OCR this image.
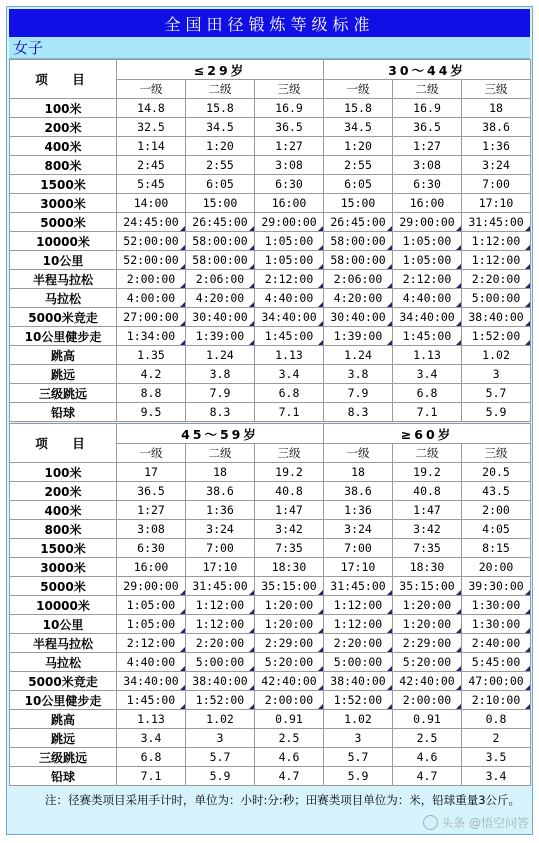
全国田径锻炼等级标准
女子
项　目	≤29岁			30～44岁		
	一级	二级	三级	一级	二级	三级
100米	14.8	15.8	16.9	15.8	16.9	18
200米	32.5	34.5	36.5	34.5	36.5	38.6
400米	1:14	1:20	1:27	1:20	1:27	1:36
800米	2:45	2:55	3:08	2:55	3:08	3:24
1500米	5:45	6:05	6:30	6:05	6:30	7:00
3000米	14:00	15:00	16:00	15:00	16:00	17:10
5000米	24:45:00	26:45:00	29:00:00	26:45:00	29:00:00	31:45:00
10000米	52:00:00	58:00:00	1:05:00	58:00:00	1:05:00	1:12:00
10公里	52:00:00	58:00:00	1:05:00	58:00:00	1:05:00	1:12:00
半程马拉松	2:00:00	2:06:00	2:12:00	2:06:00	2:12:00	2:20:00
马拉松	4:00:00	4:20:00	4:40:00	4:20:00	4:40:00	5:00:00
5000米竞走	27:00:00	30:40:00	34:40:00	30:40:00	34:40:00	38:40:00
10公里健步走	1:34:00	1:39:00	1:45:00	1:39:00	1:45:00	1:52:00
跳高	1.35	1.24	1.13	1.24	1.13	1.02
跳远	4.2	3.8	3.4	3.8	3.4	3
三级跳远	8.8	7.9	6.8	7.9	6.8	5.7
铅球	9.5	8.3	7.1	8.3	7.1	5.9
项　目	45～59岁			≥60岁		
	一级	二级	三级	一级	二级	三级
100米	17	18	19.2	18	19.2	20.5
200米	36.5	38.6	40.8	38.6	40.8	43.5
400米	1:27	1:36	1:47	1:36	1:47	2:00
800米	3:08	3:24	3:42	3:24	3:42	4:05
1500米	6:30	7:00	7:35	7:00	7:35	8:15
3000米	16:00	17:10	18:30	17:10	18:30	20:00
5000米	29:00:00	31:45:00	35:15:00	31:45:00	35:15:00	39:30:00
10000米	1:05:00	1:12:00	1:20:00	1:12:00	1:20:00	1:30:00
10公里	1:05:00	1:12:00	1:20:00	1:12:00	1:20:00	1:30:00
半程马拉松	2:12:00	2:20:00	2:29:00	2:20:00	2:29:00	2:40:00
马拉松	4:40:00	5:00:00	5:20:00	5:00:00	5:20:00	5:45:00
5000米竞走	34:40:00	38:40:00	42:40:00	38:40:00	42:40:00	47:00:00
10公里健步走	1:45:00	1:52:00	2:00:00	1:52:00	2:00:00	2:10:00
跳高	1.13	1.02	0.91	1.02	0.91	0.8
跳远	3.4	3	2.5	3	2.5	2
三级跳远	6.8	5.7	4.6	5.7	4.6	3.5
铅球	7.1	5.9	4.7	5.9	4.7	3.4
注：径赛类项目采用手计时，单位为：小时:分:秒；田赛类项目单位为：米，铅球重量3公斤。
头条 @悟空问答
